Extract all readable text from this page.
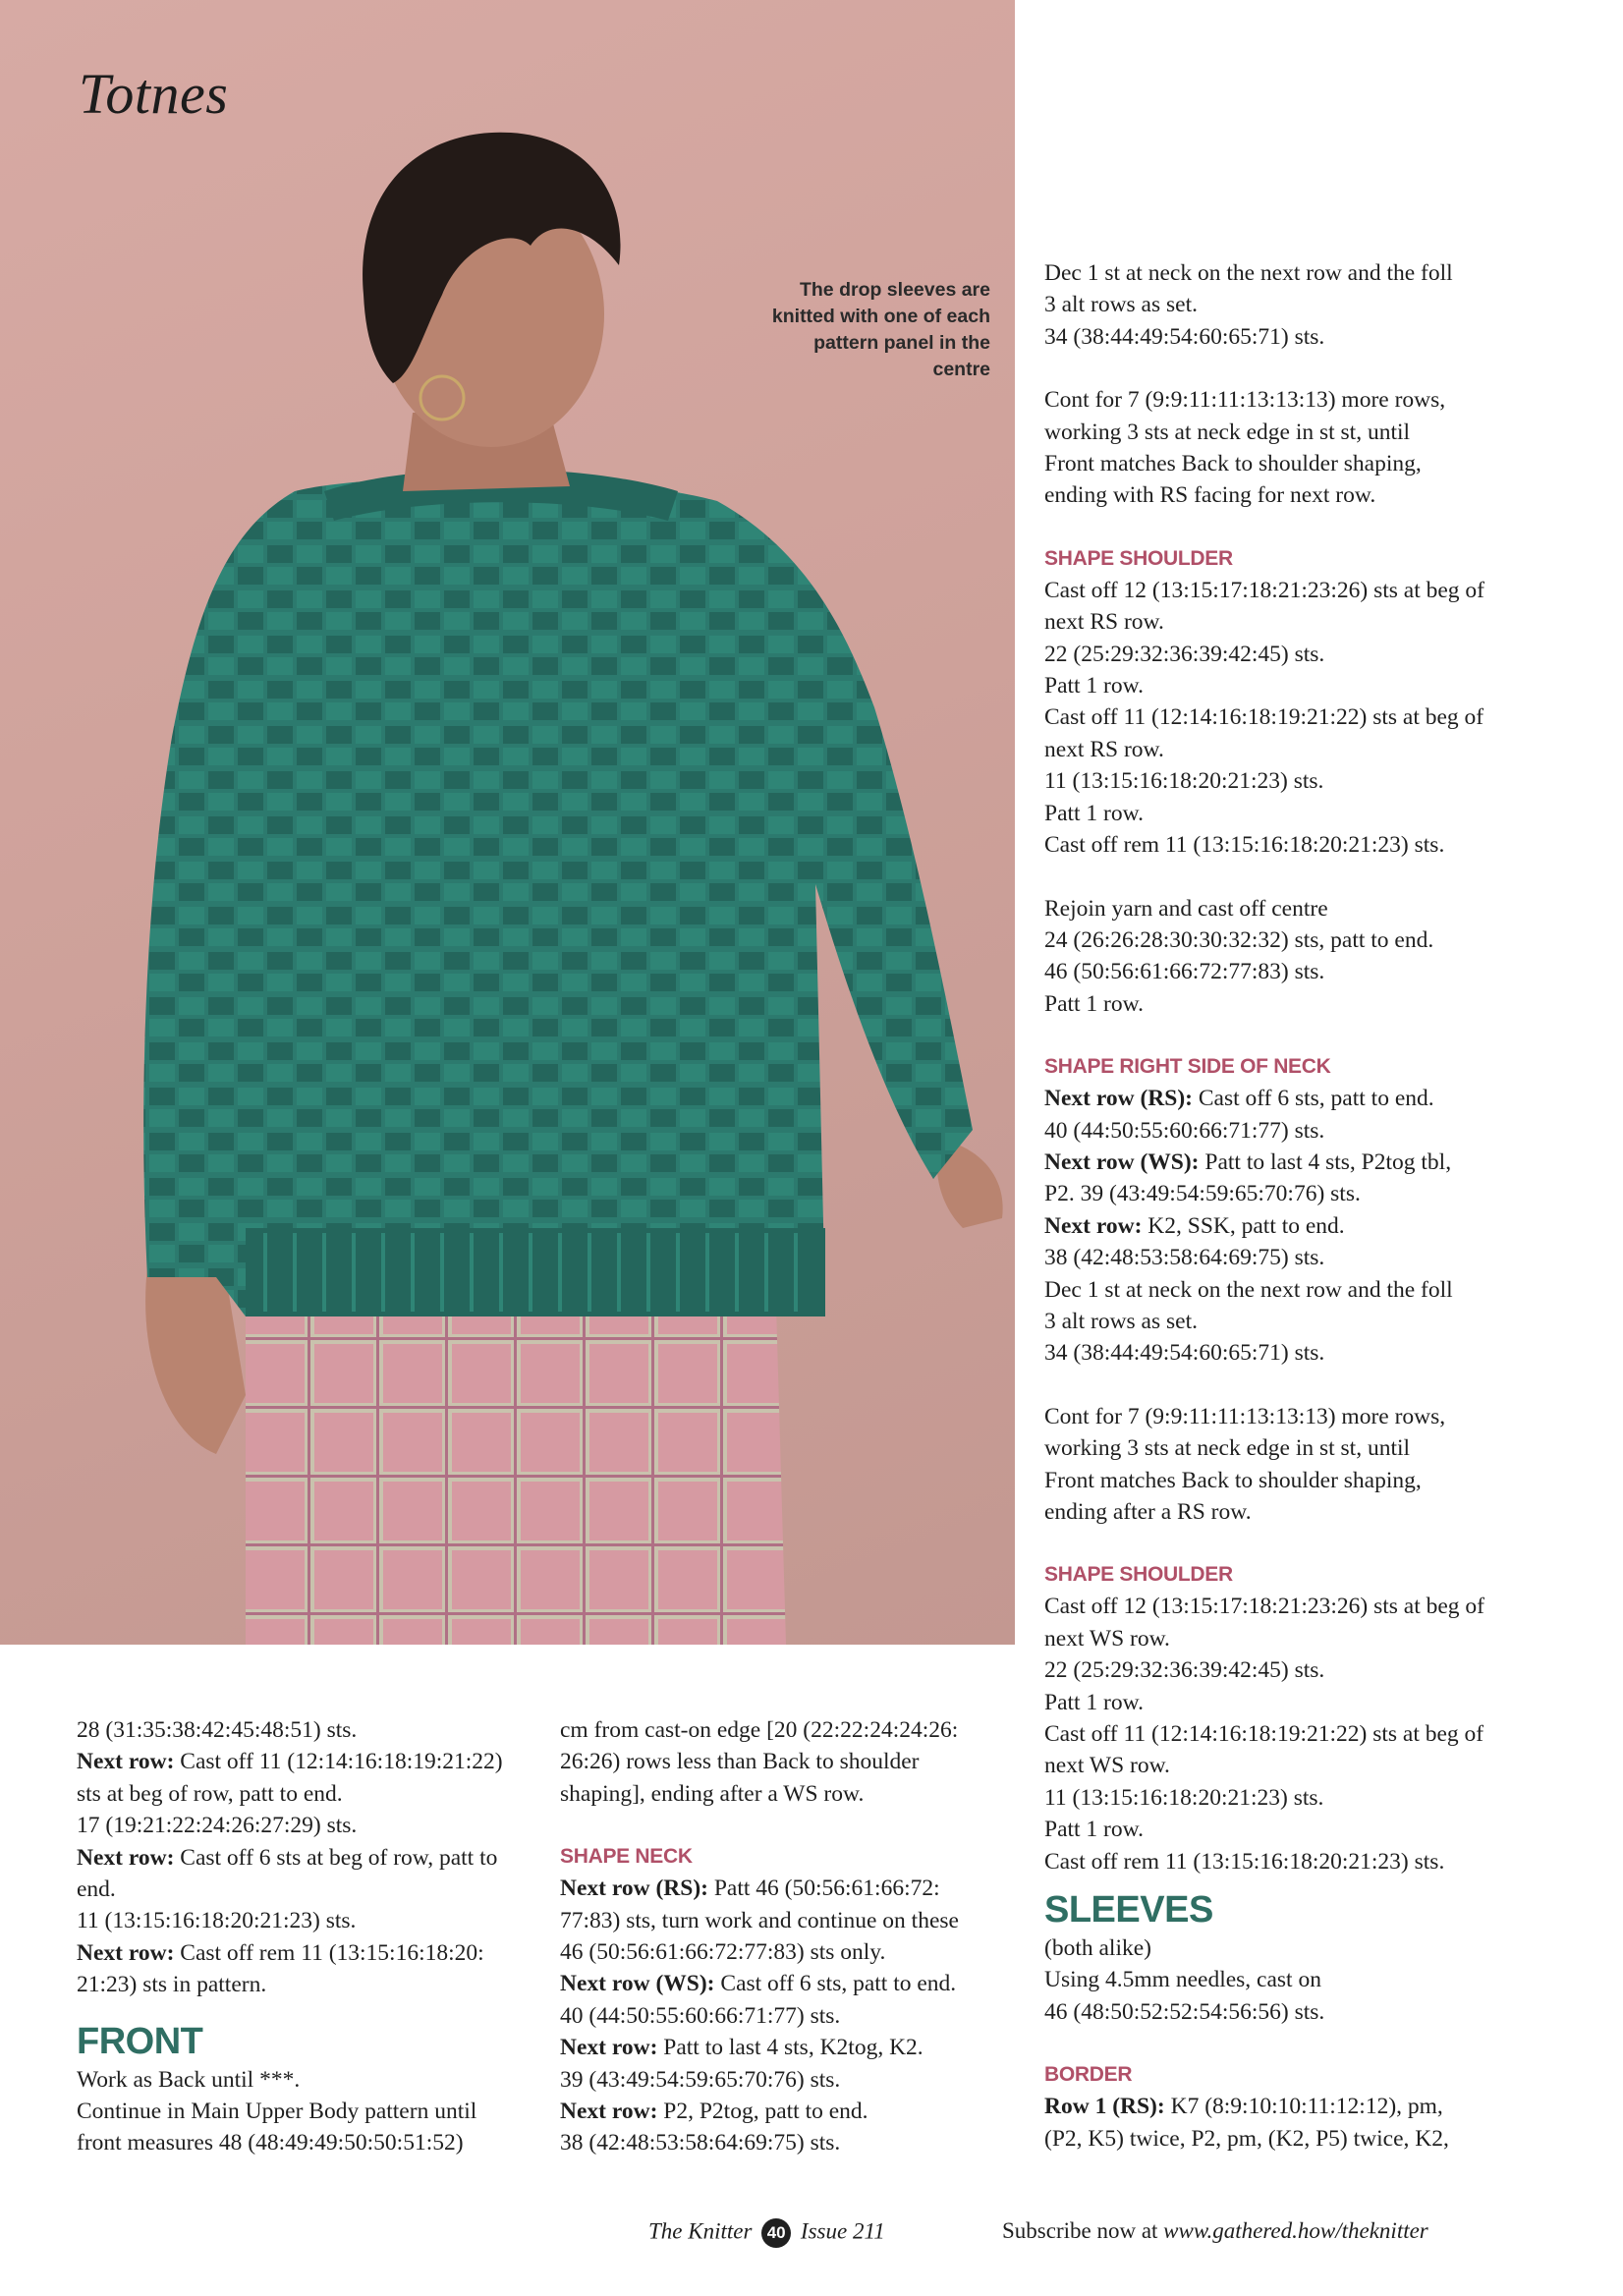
Totnes

The drop sleeves are knitted with one of each pattern panel in the centre

Dec 1 st at neck on the next row and the foll

3 alt rows as set.

34 (38:44:49:54:60:65:71) sts.

Cont for 7 (9:9:11:11:13:13:13) more rows,

working 3 sts at neck edge in st st, until

Front matches Back to shoulder shaping,

ending with RS facing for next row.

SHAPE SHOULDER

Cast off 12 (13:15:17:18:21:23:26) sts at beg of

next RS row.

22 (25:29:32:36:39:42:45) sts.

Patt 1 row.

Cast off 11 (12:14:16:18:19:21:22) sts at beg of

next RS row.

11 (13:15:16:18:20:21:23) sts.

Patt 1 row.

Cast off rem 11 (13:15:16:18:20:21:23) sts.

Rejoin yarn and cast off centre

24 (26:26:28:30:30:32:32) sts, patt to end.

46 (50:56:61:66:72:77:83) sts.

Patt 1 row.

SHAPE RIGHT SIDE OF NECK

Next row (RS): Cast off 6 sts, patt to end.

40 (44:50:55:60:66:71:77) sts.

Next row (WS): Patt to last 4 sts, P2tog tbl,

P2. 39 (43:49:54:59:65:70:76) sts.

Next row: K2, SSK, patt to end.

38 (42:48:53:58:64:69:75) sts.

Dec 1 st at neck on the next row and the foll

3 alt rows as set.

34 (38:44:49:54:60:65:71) sts.

Cont for 7 (9:9:11:11:13:13:13) more rows,

working 3 sts at neck edge in st st, until

Front matches Back to shoulder shaping,

ending after a RS row.

SHAPE SHOULDER

Cast off 12 (13:15:17:18:21:23:26) sts at beg of

next WS row.

22 (25:29:32:36:39:42:45) sts.

Patt 1 row.

Cast off 11 (12:14:16:18:19:21:22) sts at beg of

next WS row.

11 (13:15:16:18:20:21:23) sts.

Patt 1 row.

Cast off rem 11 (13:15:16:18:20:21:23) sts.

SLEEVES

(both alike)

Using 4.5mm needles, cast on

46 (48:50:52:52:54:56:56) sts.

BORDER

Row 1 (RS): K7 (8:9:10:10:11:12:12), pm,

(P2, K5) twice, P2, pm, (K2, P5) twice, K2,

28 (31:35:38:42:45:48:51) sts.

Next row: Cast off 11 (12:14:16:18:19:21:22)

sts at beg of row, patt to end.

17 (19:21:22:24:26:27:29) sts.

Next row: Cast off 6 sts at beg of row, patt to

end.

11 (13:15:16:18:20:21:23) sts.

Next row: Cast off rem 11 (13:15:16:18:20:

21:23) sts in pattern.

FRONT

Work as Back until ***.

Continue in Main Upper Body pattern until

front measures 48 (48:49:49:50:50:51:52)

cm from cast-on edge [20 (22:22:24:24:26:

26:26) rows less than Back to shoulder

shaping], ending after a WS row.

SHAPE NECK

Next row (RS): Patt 46 (50:56:61:66:72:

77:83) sts, turn work and continue on these

46 (50:56:61:66:72:77:83) sts only.

Next row (WS): Cast off 6 sts, patt to end.

40 (44:50:55:60:66:71:77) sts.

Next row: Patt to last 4 sts, K2tog, K2.

39 (43:49:54:59:65:70:76) sts.

Next row: P2, P2tog, patt to end.

38 (42:48:53:58:64:69:75) sts.

The Knitter 40 Issue 211	Subscribe now at www.gathered.how/theknitter
